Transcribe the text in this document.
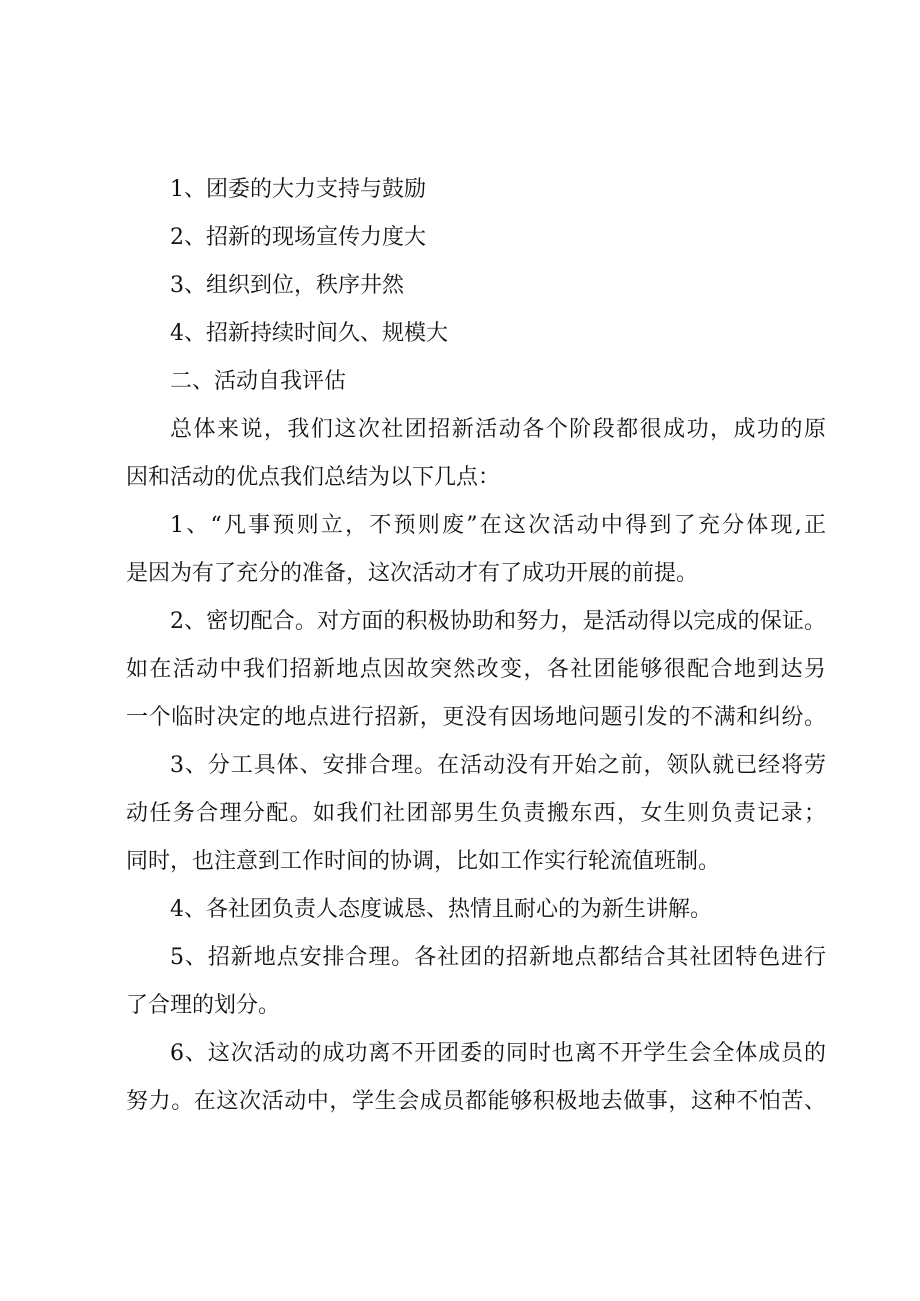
1、团委的大力支持与鼓励

2、招新的现场宣传力度大

3、组织到位，秩序井然

4、招新持续时间久、规模大

二、活动自我评估

总体来说，我们这次社团招新活动各个阶段都很成功，成功的原

因和活动的优点我们总结为以下几点：

1、“凡事预则立，不预则废”在这次活动中得到了充分体现,正

是因为有了充分的准备，这次活动才有了成功开展的前提。

2、密切配合。对方面的积极协助和努力，是活动得以完成的保证。

如在活动中我们招新地点因故突然改变，各社团能够很配合地到达另

一个临时决定的地点进行招新，更没有因场地问题引发的不满和纠纷。

3、分工具体、安排合理。在活动没有开始之前，领队就已经将劳

动任务合理分配。如我们社团部男生负责搬东西，女生则负责记录；

同时，也注意到工作时间的协调，比如工作实行轮流值班制。

4、各社团负责人态度诚恳、热情且耐心的为新生讲解。

5、招新地点安排合理。各社团的招新地点都结合其社团特色进行

了合理的划分。

6、这次活动的成功离不开团委的同时也离不开学生会全体成员的

努力。在这次活动中，学生会成员都能够积极地去做事，这种不怕苦、
